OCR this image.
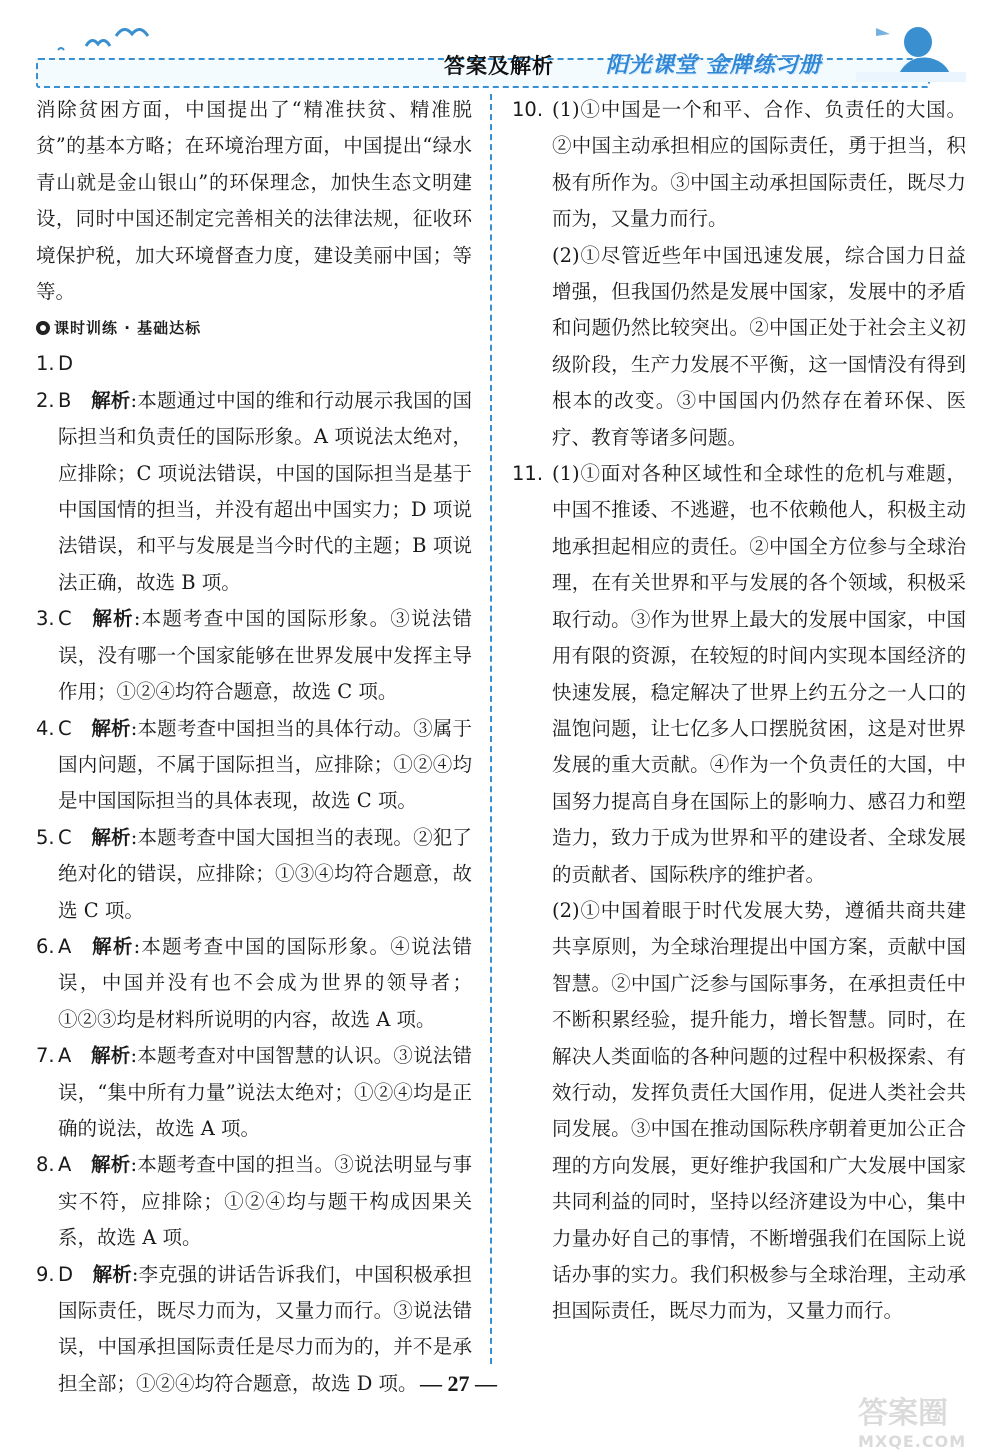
答案及解析 阳光课堂 金牌练习册

消除贫困方面，中国提出了“精准扶贫、精准脱贫”的基本方略；在环境治理方面，中国提出“绿水青山就是金山银山”的环保理念，加快生态文明建设，同时中国还制定完善相关的法律法规，征收环境保护税，加大环境督查力度，建设美丽中国；等等。

课时训练 · 基础达标
1. D
2. B  解析:本题通过中国的维和行动展示我国的国际担当和负责任的国际形象。A 项说法太绝对，应排除；C 项说法错误，中国的国际担当是基于中国国情的担当，并没有超出中国实力；D 项说法错误，和平与发展是当今时代的主题；B 项说法正确，故选 B 项。
3. C  解析:本题考查中国的国际形象。③说法错误，没有哪一个国家能够在世界发展中发挥主导作用；①②④均符合题意，故选 C 项。
4. C  解析:本题考查中国担当的具体行动。③属于国内问题，不属于国际担当，应排除；①②④均是中国国际担当的具体表现，故选 C 项。
5. C  解析:本题考查中国大国担当的表现。②犯了绝对化的错误，应排除；①③④均符合题意，故选 C 项。
6. A  解析:本题考查中国的国际形象。④说法错误，中国并没有也不会成为世界的领导者；①②③均是材料所说明的内容，故选 A 项。
7. A  解析:本题考查对中国智慧的认识。③说法错误，“集中所有力量”说法太绝对；①②④均是正确的说法，故选 A 项。
8. A  解析:本题考查中国的担当。③说法明显与事实不符，应排除；①②④均与题干构成因果关系，故选 A 项。
9. D  解析:李克强的讲话告诉我们，中国积极承担国际责任，既尽力而为，又量力而行。③说法错误，中国承担国际责任是尽力而为的，并不是承担全部；①②④均符合题意，故选 D 项。
10. (1)①中国是一个和平、合作、负责任的大国。②中国主动承担相应的国际责任，勇于担当，积极有所作为。③中国主动承担国际责任，既尽力而为，又量力而行。

(2)①尽管近些年中国迅速发展，综合国力日益增强，但我国仍然是发展中国家，发展中的矛盾和问题仍然比较突出。②中国正处于社会主义初级阶段，生产力发展不平衡，这一国情没有得到根本的改变。③中国国内仍然存在着环保、医疗、教育等诸多问题。

11. (1)①面对各种区域性和全球性的危机与难题，中国不推诿、不逃避，也不依赖他人，积极主动地承担起相应的责任。②中国全方位参与全球治理，在有关世界和平与发展的各个领域，积极采取行动。③作为世界上最大的发展中国家，中国用有限的资源，在较短的时间内实现本国经济的快速发展，稳定解决了世界上约五分之一人口的温饱问题，让七亿多人口摆脱贫困，这是对世界发展的重大贡献。④作为一个负责任的大国，中国努力提高自身在国际上的影响力、感召力和塑造力，致力于成为世界和平的建设者、全球发展的贡献者、国际秩序的维护者。

(2)①中国着眼于时代发展大势，遵循共商共建共享原则，为全球治理提出中国方案，贡献中国智慧。②中国广泛参与国际事务，在承担责任中不断积累经验，提升能力，增长智慧。同时，在解决人类面临的各种问题的过程中积极探索、有效行动，发挥负责任大国作用，促进人类社会共同发展。③中国在推动国际秩序朝着更加公正合理的方向发展，更好维护我国和广大发展中国家共同利益的同时，坚持以经济建设为中心，集中力量办好自己的事情，不断增强我们在国际上说话办事的实力。我们积极参与全球治理，主动承担国际责任，既尽力而为，又量力而行。

— 27 —
答案圈
MXQE.COM
